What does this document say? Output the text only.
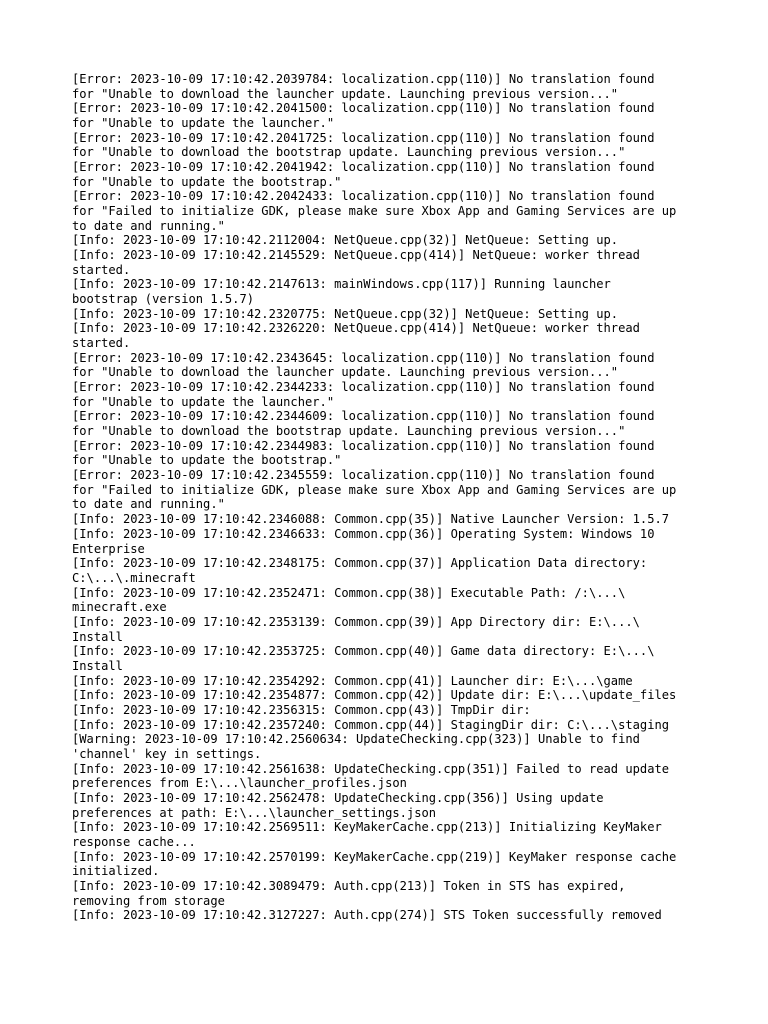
[Error: 2023-10-09 17:10:42.2039784: localization.cpp(110)] No translation found
for "Unable to download the launcher update. Launching previous version..."
[Error: 2023-10-09 17:10:42.2041500: localization.cpp(110)] No translation found
for "Unable to update the launcher."
[Error: 2023-10-09 17:10:42.2041725: localization.cpp(110)] No translation found
for "Unable to download the bootstrap update. Launching previous version..."
[Error: 2023-10-09 17:10:42.2041942: localization.cpp(110)] No translation found
for "Unable to update the bootstrap."
[Error: 2023-10-09 17:10:42.2042433: localization.cpp(110)] No translation found
for "Failed to initialize GDK, please make sure Xbox App and Gaming Services are up
to date and running."
[Info: 2023-10-09 17:10:42.2112004: NetQueue.cpp(32)] NetQueue: Setting up.
[Info: 2023-10-09 17:10:42.2145529: NetQueue.cpp(414)] NetQueue: worker thread
started.
[Info: 2023-10-09 17:10:42.2147613: mainWindows.cpp(117)] Running launcher
bootstrap (version 1.5.7)
[Info: 2023-10-09 17:10:42.2320775: NetQueue.cpp(32)] NetQueue: Setting up.
[Info: 2023-10-09 17:10:42.2326220: NetQueue.cpp(414)] NetQueue: worker thread
started.
[Error: 2023-10-09 17:10:42.2343645: localization.cpp(110)] No translation found
for "Unable to download the launcher update. Launching previous version..."
[Error: 2023-10-09 17:10:42.2344233: localization.cpp(110)] No translation found
for "Unable to update the launcher."
[Error: 2023-10-09 17:10:42.2344609: localization.cpp(110)] No translation found
for "Unable to download the bootstrap update. Launching previous version..."
[Error: 2023-10-09 17:10:42.2344983: localization.cpp(110)] No translation found
for "Unable to update the bootstrap."
[Error: 2023-10-09 17:10:42.2345559: localization.cpp(110)] No translation found
for "Failed to initialize GDK, please make sure Xbox App and Gaming Services are up
to date and running."
[Info: 2023-10-09 17:10:42.2346088: Common.cpp(35)] Native Launcher Version: 1.5.7
[Info: 2023-10-09 17:10:42.2346633: Common.cpp(36)] Operating System: Windows 10
Enterprise
[Info: 2023-10-09 17:10:42.2348175: Common.cpp(37)] Application Data directory:
C:\...\.minecraft
[Info: 2023-10-09 17:10:42.2352471: Common.cpp(38)] Executable Path: /:\...\
minecraft.exe
[Info: 2023-10-09 17:10:42.2353139: Common.cpp(39)] App Directory dir: E:\...\
Install
[Info: 2023-10-09 17:10:42.2353725: Common.cpp(40)] Game data directory: E:\...\
Install
[Info: 2023-10-09 17:10:42.2354292: Common.cpp(41)] Launcher dir: E:\...\game
[Info: 2023-10-09 17:10:42.2354877: Common.cpp(42)] Update dir: E:\...\update_files
[Info: 2023-10-09 17:10:42.2356315: Common.cpp(43)] TmpDir dir:
[Info: 2023-10-09 17:10:42.2357240: Common.cpp(44)] StagingDir dir: C:\...\staging
[Warning: 2023-10-09 17:10:42.2560634: UpdateChecking.cpp(323)] Unable to find
'channel' key in settings.
[Info: 2023-10-09 17:10:42.2561638: UpdateChecking.cpp(351)] Failed to read update
preferences from E:\...\launcher_profiles.json
[Info: 2023-10-09 17:10:42.2562478: UpdateChecking.cpp(356)] Using update
preferences at path: E:\...\launcher_settings.json
[Info: 2023-10-09 17:10:42.2569511: KeyMakerCache.cpp(213)] Initializing KeyMaker
response cache...
[Info: 2023-10-09 17:10:42.2570199: KeyMakerCache.cpp(219)] KeyMaker response cache
initialized.
[Info: 2023-10-09 17:10:42.3089479: Auth.cpp(213)] Token in STS has expired,
removing from storage
[Info: 2023-10-09 17:10:42.3127227: Auth.cpp(274)] STS Token successfully removed
